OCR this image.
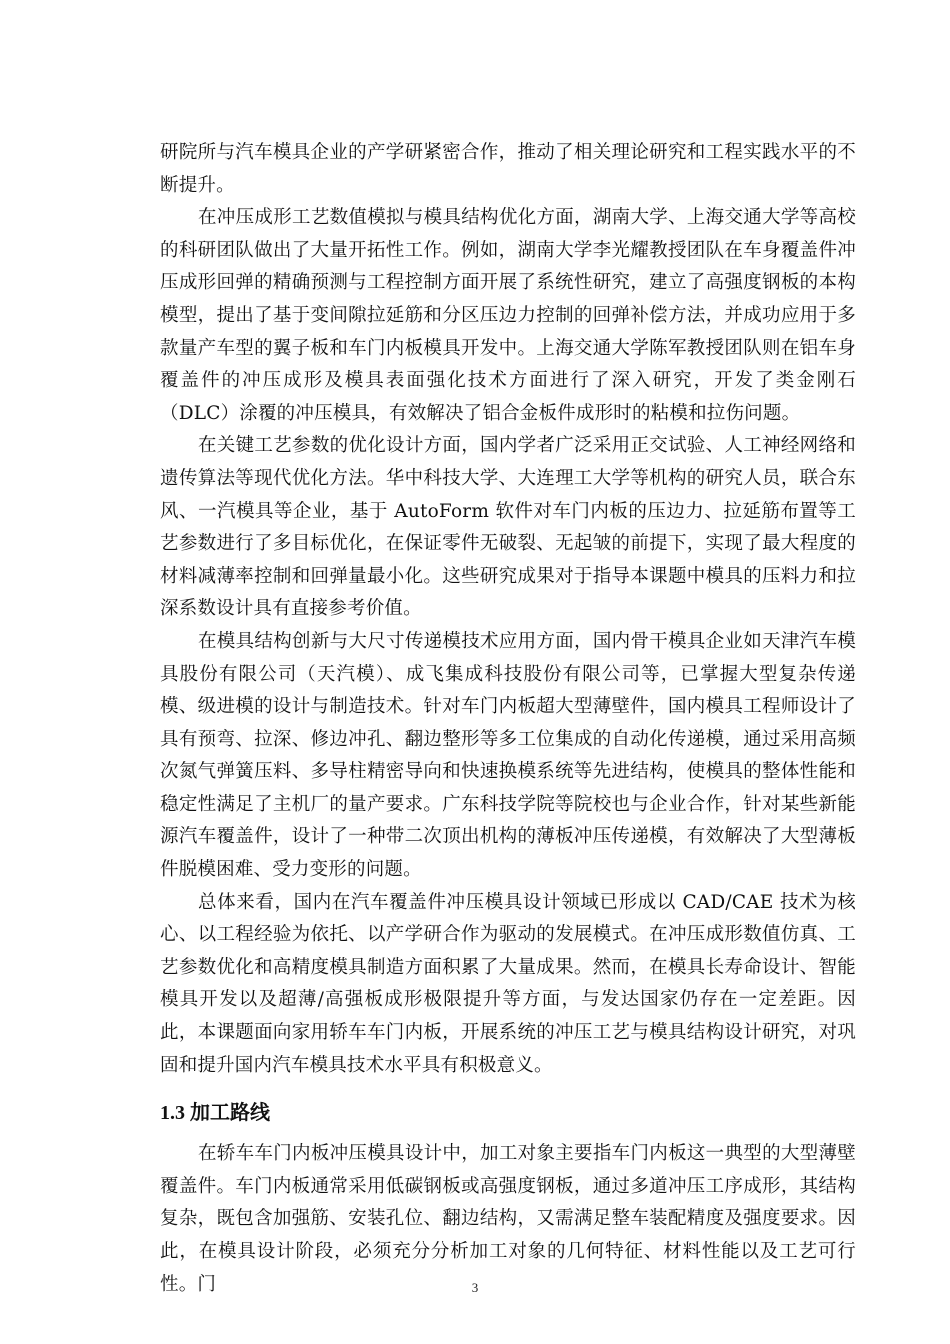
研院所与汽车模具企业的产学研紧密合作，推动了相关理论研究和工程实践水平的不断提升。

在冲压成形工艺数值模拟与模具结构优化方面，湖南大学、上海交通大学等高校的科研团队做出了大量开拓性工作。例如，湖南大学李光耀教授团队在车身覆盖件冲压成形回弹的精确预测与工程控制方面开展了系统性研究，建立了高强度钢板的本构模型，提出了基于变间隙拉延筋和分区压边力控制的回弹补偿方法，并成功应用于多款量产车型的翼子板和车门内板模具开发中。上海交通大学陈军教授团队则在铝车身覆盖件的冲压成形及模具表面强化技术方面进行了深入研究，开发了类金刚石（DLC）涂覆的冲压模具，有效解决了铝合金板件成形时的粘模和拉伤问题。

在关键工艺参数的优化设计方面，国内学者广泛采用正交试验、人工神经网络和遗传算法等现代优化方法。华中科技大学、大连理工大学等机构的研究人员，联合东风、一汽模具等企业，基于 AutoForm 软件对车门内板的压边力、拉延筋布置等工艺参数进行了多目标优化，在保证零件无破裂、无起皱的前提下，实现了最大程度的材料减薄率控制和回弹量最小化。这些研究成果对于指导本课题中模具的压料力和拉深系数设计具有直接参考价值。

在模具结构创新与大尺寸传递模技术应用方面，国内骨干模具企业如天津汽车模具股份有限公司（天汽模）、成飞集成科技股份有限公司等，已掌握大型复杂传递模、级进模的设计与制造技术。针对车门内板超大型薄壁件，国内模具工程师设计了具有预弯、拉深、修边冲孔、翻边整形等多工位集成的自动化传递模，通过采用高频次氮气弹簧压料、多导柱精密导向和快速换模系统等先进结构，使模具的整体性能和稳定性满足了主机厂的量产要求。广东科技学院等院校也与企业合作，针对某些新能源汽车覆盖件，设计了一种带二次顶出机构的薄板冲压传递模，有效解决了大型薄板件脱模困难、受力变形的问题。

总体来看，国内在汽车覆盖件冲压模具设计领域已形成以 CAD/CAE 技术为核心、以工程经验为依托、以产学研合作为驱动的发展模式。在冲压成形数值仿真、工艺参数优化和高精度模具制造方面积累了大量成果。然而，在模具长寿命设计、智能模具开发以及超薄/高强板成形极限提升等方面，与发达国家仍存在一定差距。因此，本课题面向家用轿车车门内板，开展系统的冲压工艺与模具结构设计研究，对巩固和提升国内汽车模具技术水平具有积极意义。

1.3 加工路线

在轿车车门内板冲压模具设计中，加工对象主要指车门内板这一典型的大型薄壁覆盖件。车门内板通常采用低碳钢板或高强度钢板，通过多道冲压工序成形，其结构复杂，既包含加强筋、安装孔位、翻边结构，又需满足整车装配精度及强度要求。因此，在模具设计阶段，必须充分分析加工对象的几何特征、材料性能以及工艺可行性。门	3
